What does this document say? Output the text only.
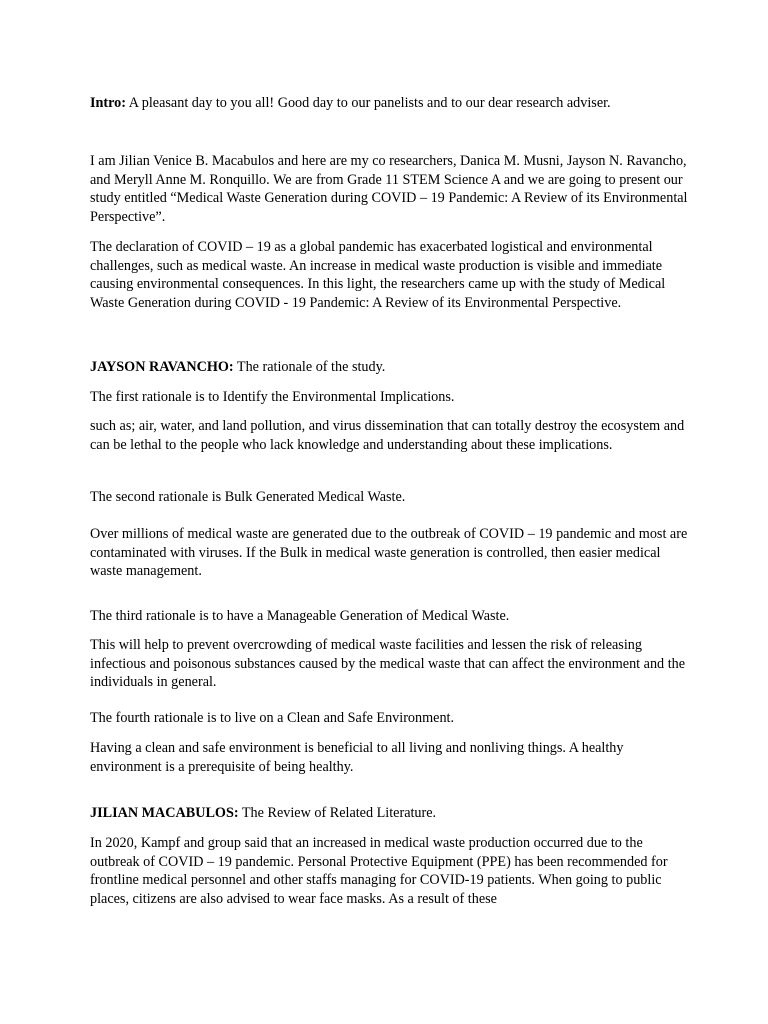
Intro: A pleasant day to you all! Good day to our panelists and to our dear research adviser.

I am Jilian Venice B. Macabulos and here are my co researchers, Danica M. Musni, Jayson N. Ravancho, and Meryll Anne M. Ronquillo. We are from Grade 11 STEM Science A and we are going to present our study entitled “Medical Waste Generation during COVID – 19 Pandemic: A Review of its Environmental Perspective”.

The declaration of COVID – 19 as a global pandemic has exacerbated logistical and environmental challenges, such as medical waste. An increase in medical waste production is visible and immediate causing environmental consequences. In this light, the researchers came up with the study of Medical Waste Generation during COVID - 19 Pandemic: A Review of its Environmental Perspective.

JAYSON RAVANCHO: The rationale of the study.

The first rationale is to Identify the Environmental Implications.

such as; air, water, and land pollution, and virus dissemination that can totally destroy the ecosystem and can be lethal to the people who lack knowledge and understanding about these implications.

The second rationale is Bulk Generated Medical Waste.

Over millions of medical waste are generated due to the outbreak of COVID – 19 pandemic and most are contaminated with viruses. If the Bulk in medical waste generation is controlled, then easier medical waste management.

The third rationale is to have a Manageable Generation of Medical Waste.

This will help to prevent overcrowding of medical waste facilities and lessen the risk of releasing infectious and poisonous substances caused by the medical waste that can affect the environment and the individuals in general.

The fourth rationale is to live on a Clean and Safe Environment.

Having a clean and safe environment is beneficial to all living and nonliving things. A healthy environment is a prerequisite of being healthy.

JILIAN MACABULOS: The Review of Related Literature.

In 2020, Kampf and group said that an increased in medical waste production occurred due to the outbreak of COVID – 19 pandemic. Personal Protective Equipment (PPE) has been recommended for frontline medical personnel and other staffs managing for COVID-19 patients. When going to public places, citizens are also advised to wear face masks. As a result of these
